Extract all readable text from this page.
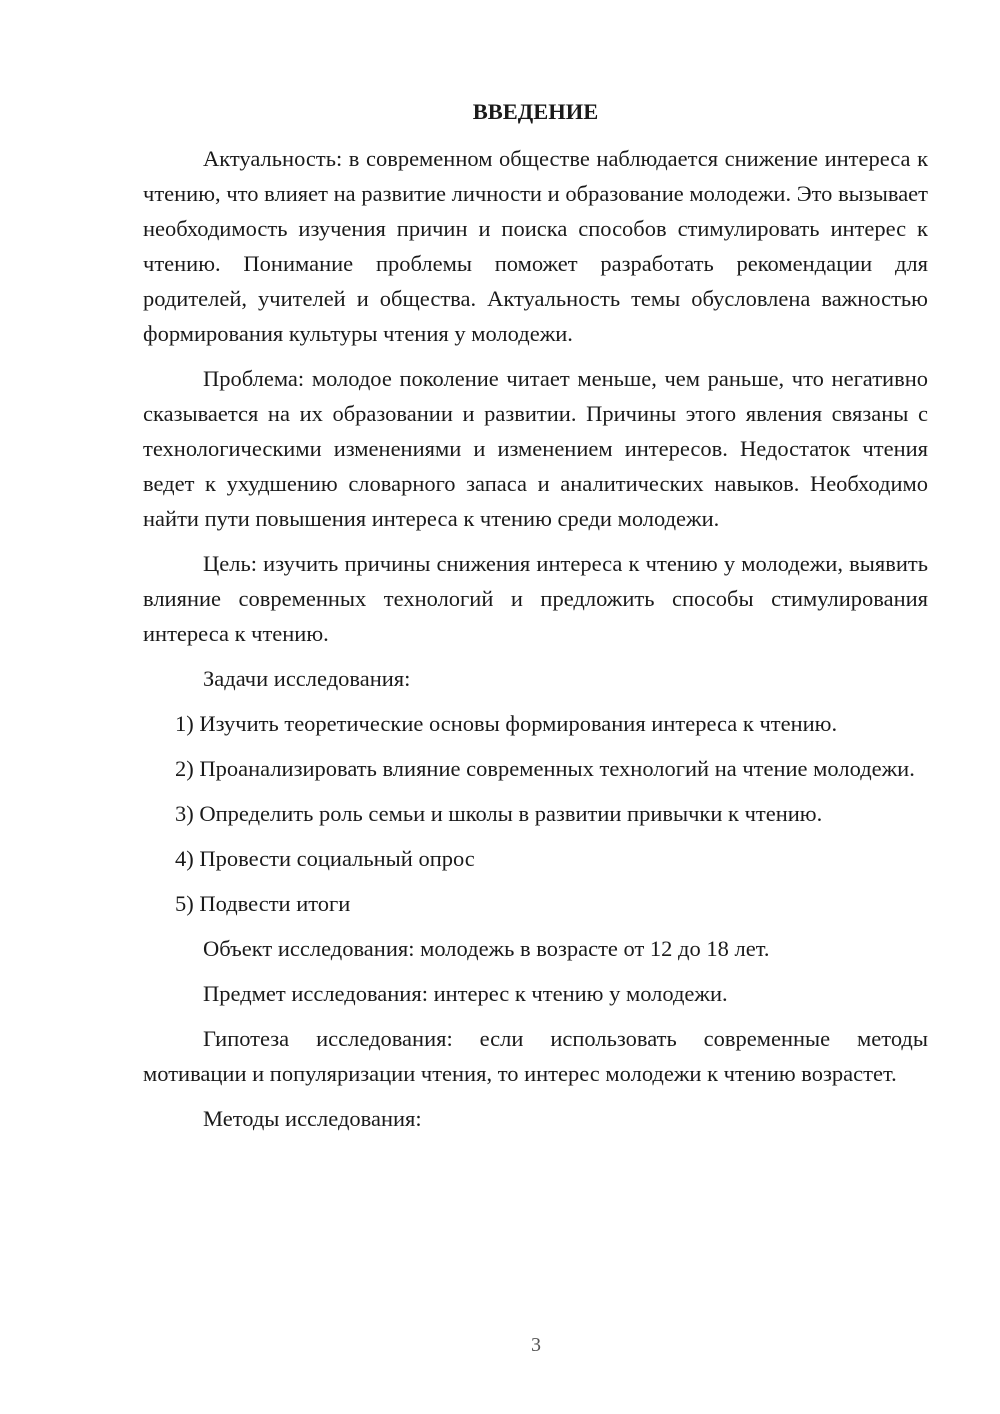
ВВЕДЕНИЕ

Актуальность: в современном обществе наблюдается снижение интереса к чтению, что влияет на развитие личности и образование молодежи. Это вызывает необходимость изучения причин и поиска способов стимулировать интерес к чтению. Понимание проблемы поможет разработать рекомендации для родителей, учителей и общества. Актуальность темы обусловлена важностью формирования культуры чтения у молодежи.

Проблема: молодое поколение читает меньше, чем раньше, что негативно сказывается на их образовании и развитии. Причины этого явления связаны с технологическими изменениями и изменением интересов. Недостаток чтения ведет к ухудшению словарного запаса и аналитических навыков. Необходимо найти пути повышения интереса к чтению среди молодежи.

Цель: изучить причины снижения интереса к чтению у молодежи, выявить влияние современных технологий и предложить способы стимулирования интереса к чтению.

Задачи исследования:

1) Изучить теоретические основы формирования интереса к чтению.

2) Проанализировать влияние современных технологий на чтение молодежи.

3) Определить роль семьи и школы в развитии привычки к чтению.

4) Провести социальный опрос

5) Подвести итоги

Объект исследования: молодежь в возрасте от 12 до 18 лет.

Предмет исследования: интерес к чтению у молодежи.

Гипотеза исследования: если использовать современные методы мотивации и популяризации чтения, то интерес молодежи к чтению возрастет.

Методы исследования:

3
